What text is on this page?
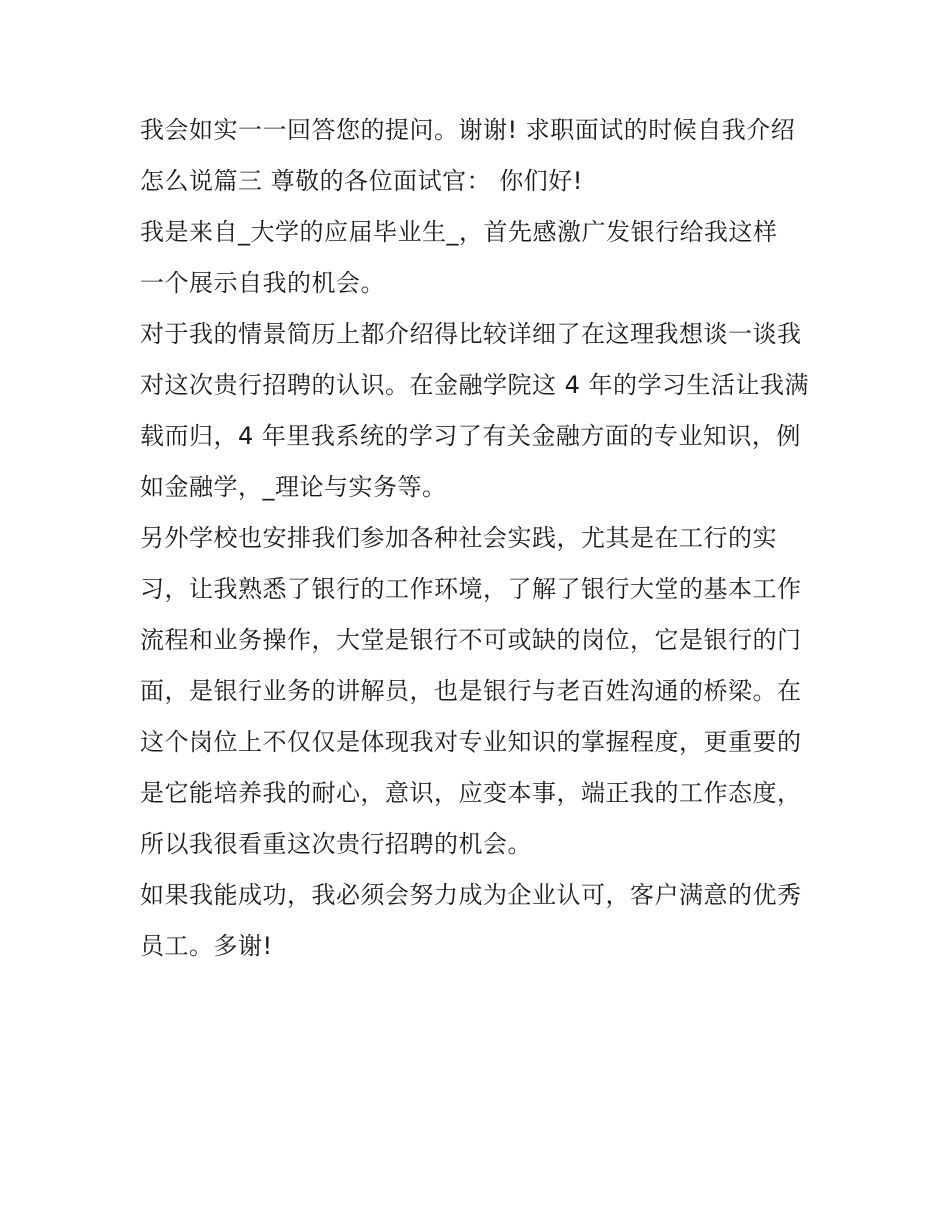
我会如实一一回答您的提问。谢谢! 求职面试的时候自我介绍
怎么说篇三 尊敬的各位面试官： 你们好!
我是来自_大学的应届毕业生_，首先感激广发银行给我这样
一个展示自我的机会。
对于我的情景简历上都介绍得比较详细了在这理我想谈一谈我
对这次贵行招聘的认识。在金融学院这 4 年的学习生活让我满
载而归，4 年里我系统的学习了有关金融方面的专业知识，例
如金融学，_理论与实务等。
另外学校也安排我们参加各种社会实践，尤其是在工行的实
习，让我熟悉了银行的工作环境，了解了银行大堂的基本工作
流程和业务操作，大堂是银行不可或缺的岗位，它是银行的门
面，是银行业务的讲解员，也是银行与老百姓沟通的桥梁。在
这个岗位上不仅仅是体现我对专业知识的掌握程度，更重要的
是它能培养我的耐心，意识，应变本事，端正我的工作态度，
所以我很看重这次贵行招聘的机会。
如果我能成功，我必须会努力成为企业认可，客户满意的优秀
员工。多谢!
